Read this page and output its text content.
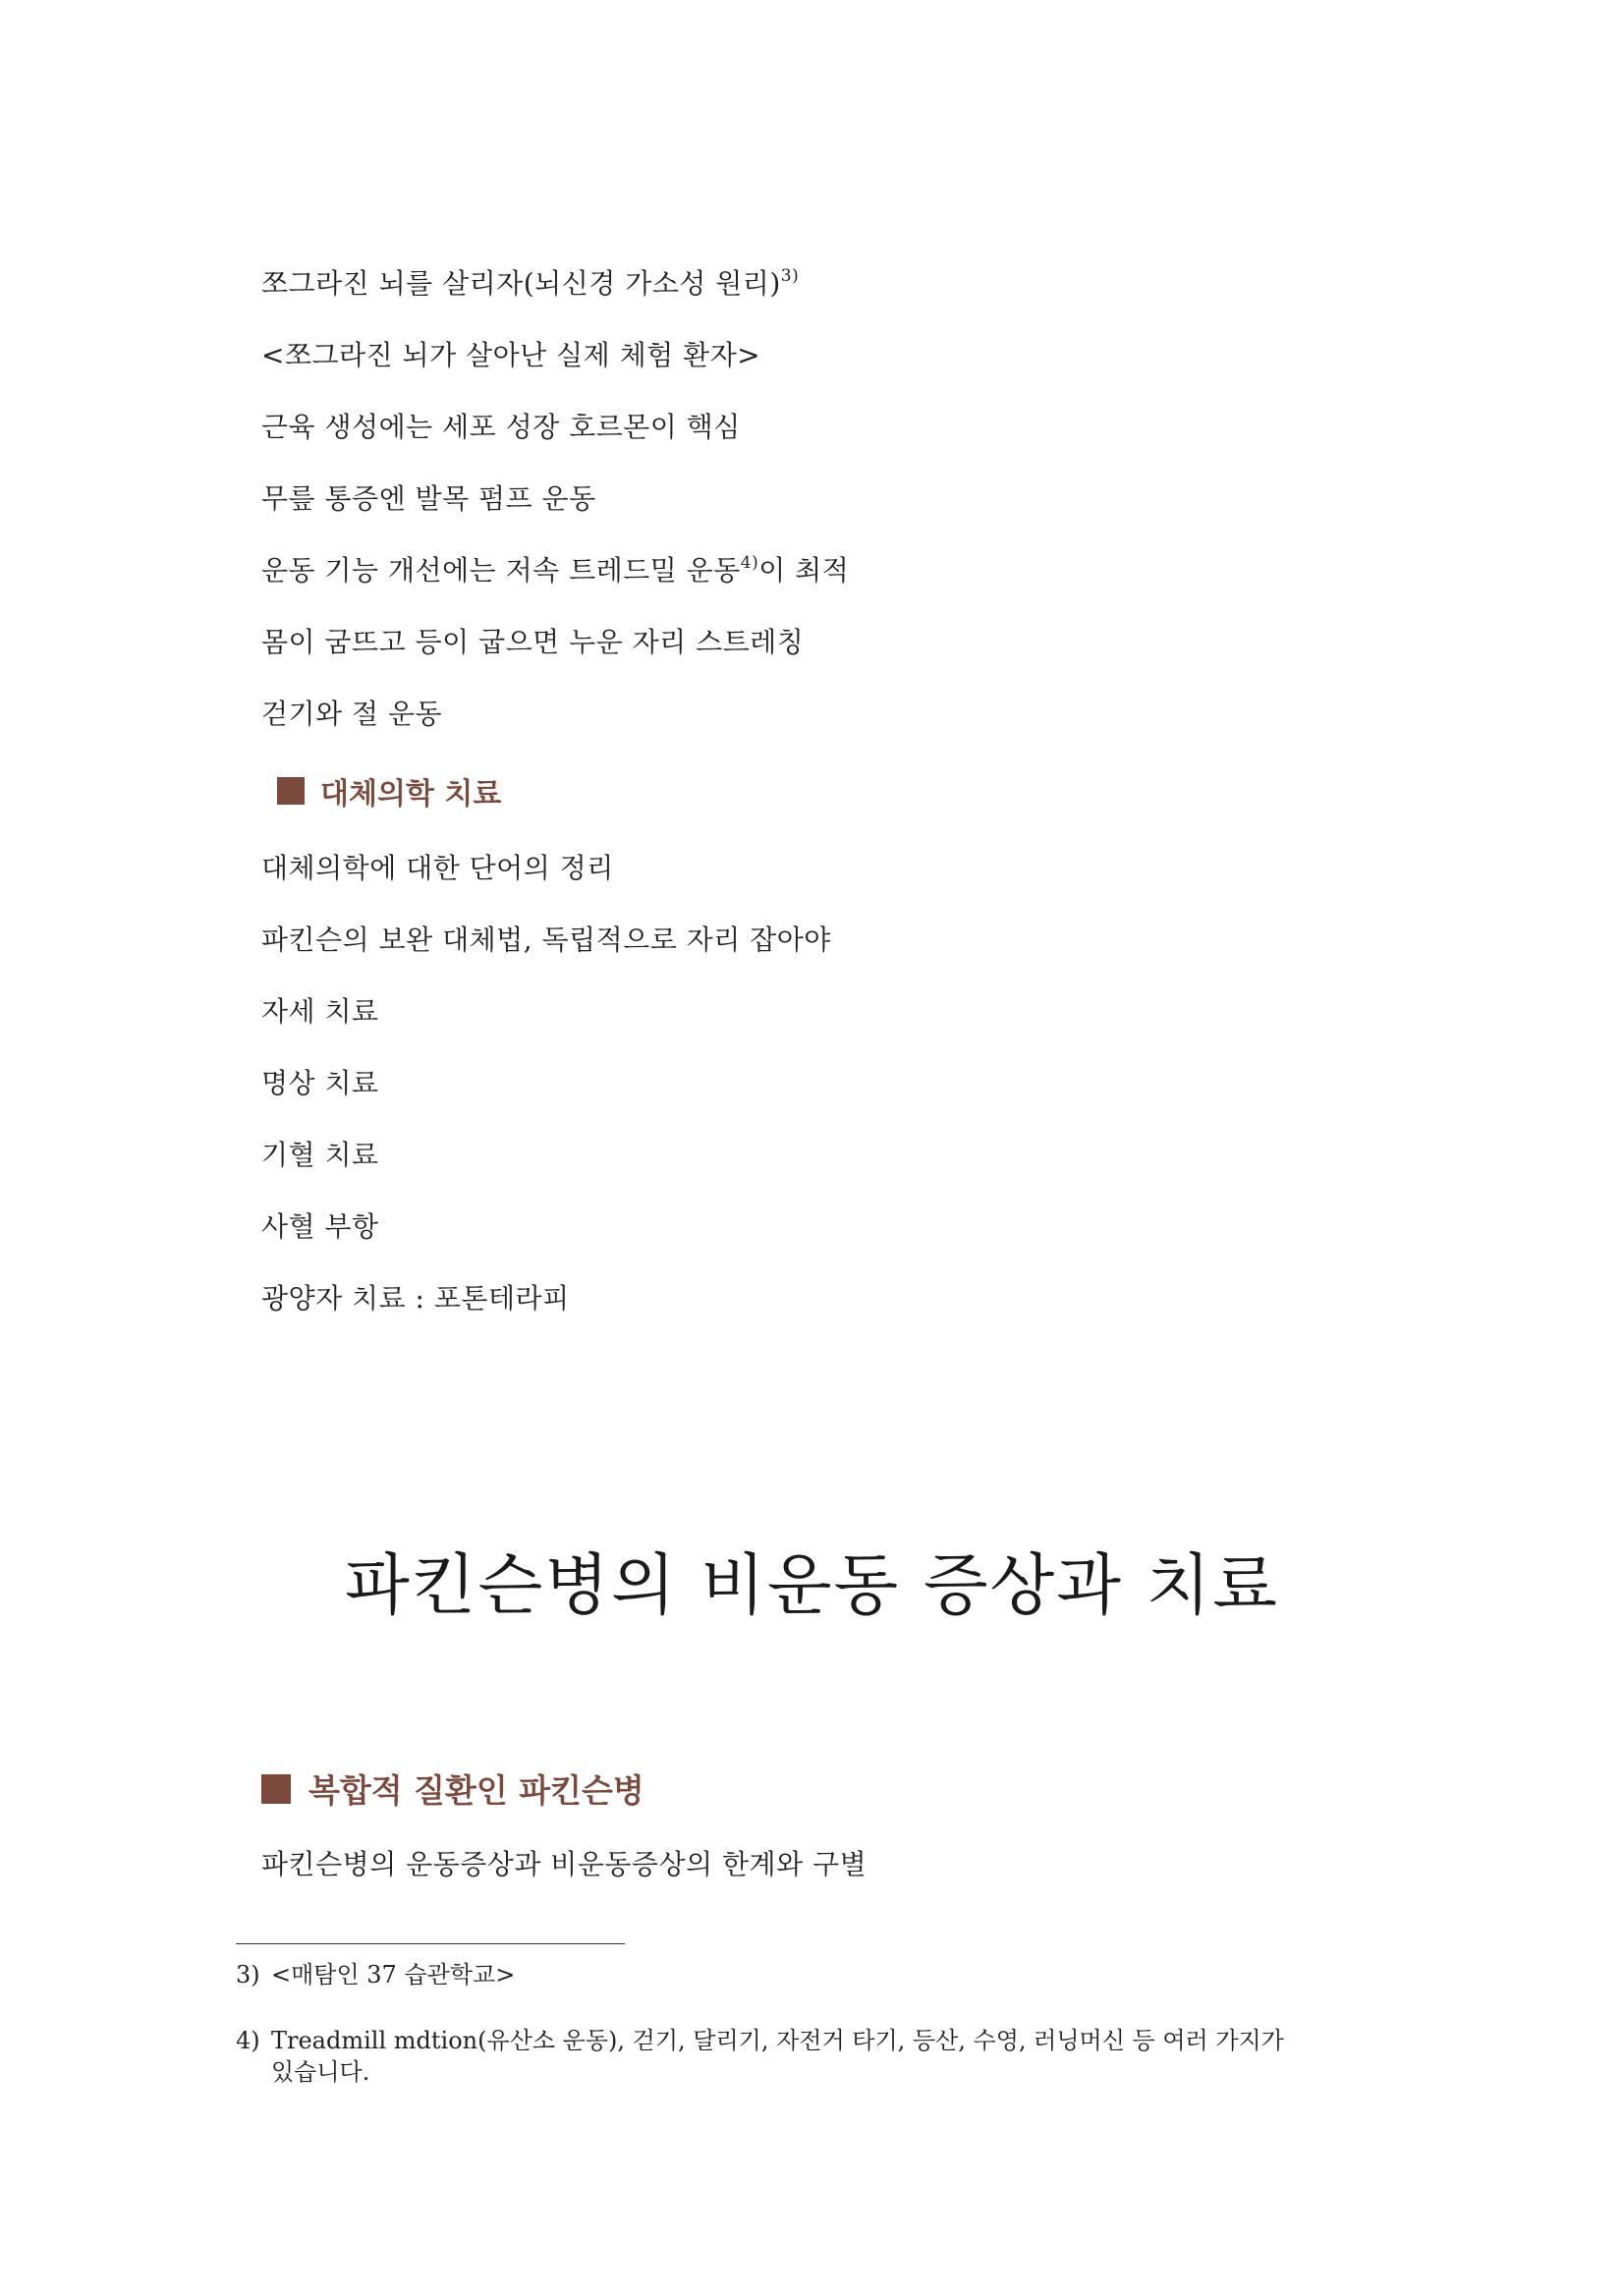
쪼그라진 뇌를 살리자(뇌신경 가소성 원리)$^{3)}$
<쪼그라진 뇌가 살아난 실제 체험 환자>
근육 생성에는 세포 성장 호르몬이 핵심
무릎 통증엔 발목 펌프 운동
운동 기능 개선에는 저속 트레드밀 운동$^{4)}$이 최적
몸이 굼뜨고 등이 굽으면 누운 자리 스트레칭
걷기와 절 운동
대체의학 치료
대체의학에 대한 단어의 정리
파킨슨의 보완 대체법, 독립적으로 자리 잡아야
자세 치료
명상 치료
기혈 치료
사혈 부항
광양자 치료 : 포톤테라피
파킨슨병의 비운동 증상과 치료
복합적 질환인 파킨슨병
파킨슨병의 운동증상과 비운동증상의 한계와 구별
3) <매탐인 37 습관학교>
4) Treadmill mdtion(유산소 운동), 걷기, 달리기, 자전거 타기, 등산, 수영, 러닝머신 등 여러 가지가
있습니다.
